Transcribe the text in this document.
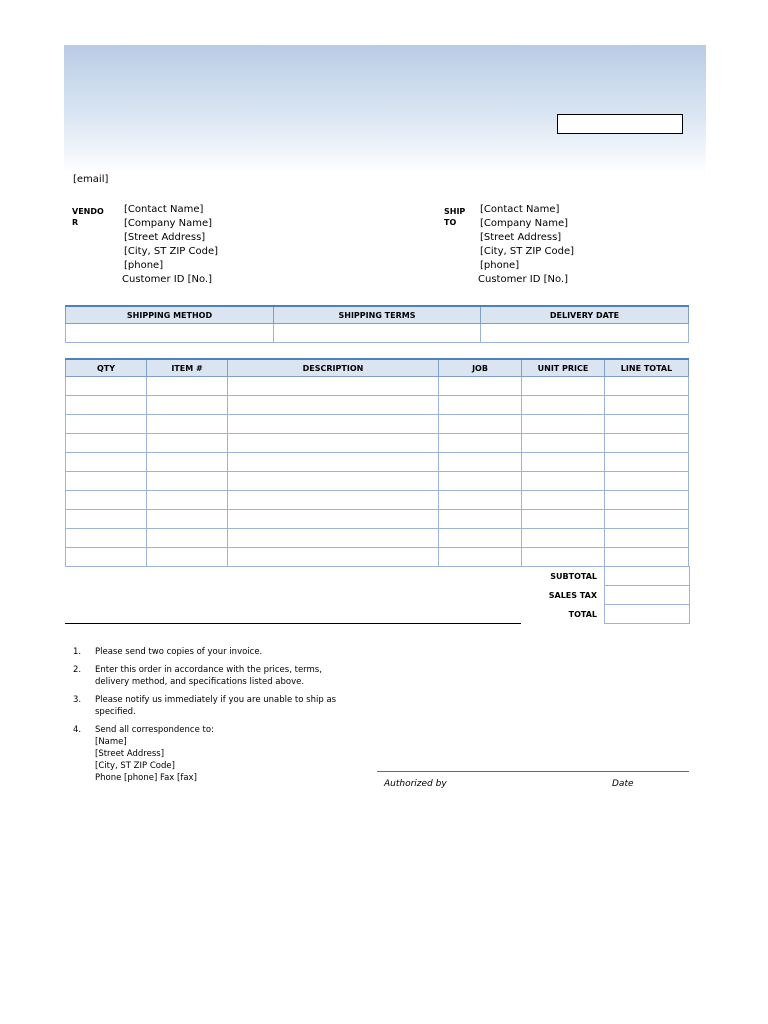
[email]
VENDOR
[Contact Name]
[Company Name]
[Street Address]
[City, ST ZIP Code]
[phone]
Customer ID [No.]
SHIP TO
[Contact Name]
[Company Name]
[Street Address]
[City, ST ZIP Code]
[phone]
Customer ID [No.]
SHIPPING METHOD	SHIPPING TERMS	DELIVERY DATE

QTY	ITEM #	DESCRIPTION	JOB	UNIT PRICE	LINE TOTAL

SUBTOTAL
SALES TAX
TOTAL
1.	Please send two copies of your invoice.
2.	Enter this order in accordance with the prices, terms,
delivery method, and specifications listed above.
3.	Please notify us immediately if you are unable to ship as
specified.
4.	Send all correspondence to:
[Name]
[Street Address]
[City, ST ZIP Code]
Phone [phone] Fax [fax]
Authorized by	Date
